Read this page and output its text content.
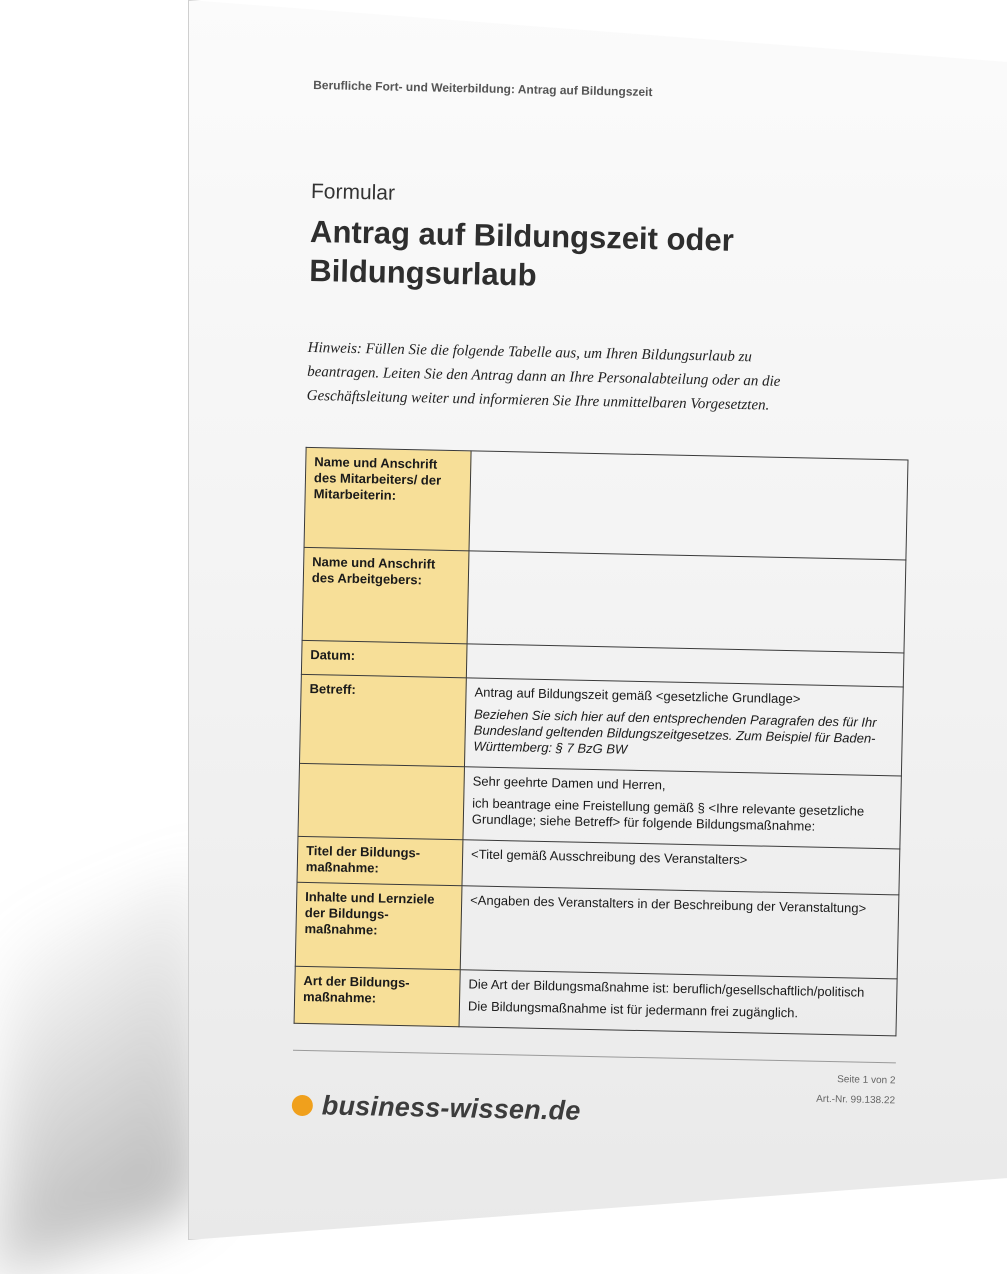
Berufliche Fort- und Weiterbildung: Antrag auf Bildungszeit
Formular
Antrag auf Bildungszeit oder Bildungsurlaub
Hinweis: Füllen Sie die folgende Tabelle aus, um Ihren Bildungsurlaub zu beantragen. Leiten Sie den Antrag dann an Ihre Personalabteilung oder an die Geschäftsleitung weiter und informieren Sie Ihre unmittelbaren Vorgesetzten.
Name und Anschrift des Mitarbeiters/ der Mitarbeiterin:	
Name und Anschrift des Arbeitgebers:	
Datum:	
Betreff:	Antrag auf Bildungszeit gemäß <gesetzliche Grundlage>

Beziehen Sie sich hier auf den entsprechenden Paragrafen des für Ihr Bundesland geltenden Bildungszeitgesetzes. Zum Beispiel für Baden-Württemberg: § 7 BzG BW

	Sehr geehrte Damen und Herren,

ich beantrage eine Freistellung gemäß § <Ihre relevante gesetzliche Grundlage; siehe Betreff> für folgende Bildungsmaßnahme:

Titel der Bildungs-maßnahme:	<Titel gemäß Ausschreibung des Veranstalters>

Inhalte und Lernziele der Bildungs-maßnahme:	<Angaben des Veranstalters in der Beschreibung der Veranstaltung>

Art der Bildungs-maßnahme:	Die Art der Bildungsmaßnahme ist: beruflich/gesellschaftlich/politisch

Die Bildungsmaßnahme ist für jedermann frei zugänglich.

Seite 1 von 2
Art.-Nr. 99.138.22
business-wissen.de
